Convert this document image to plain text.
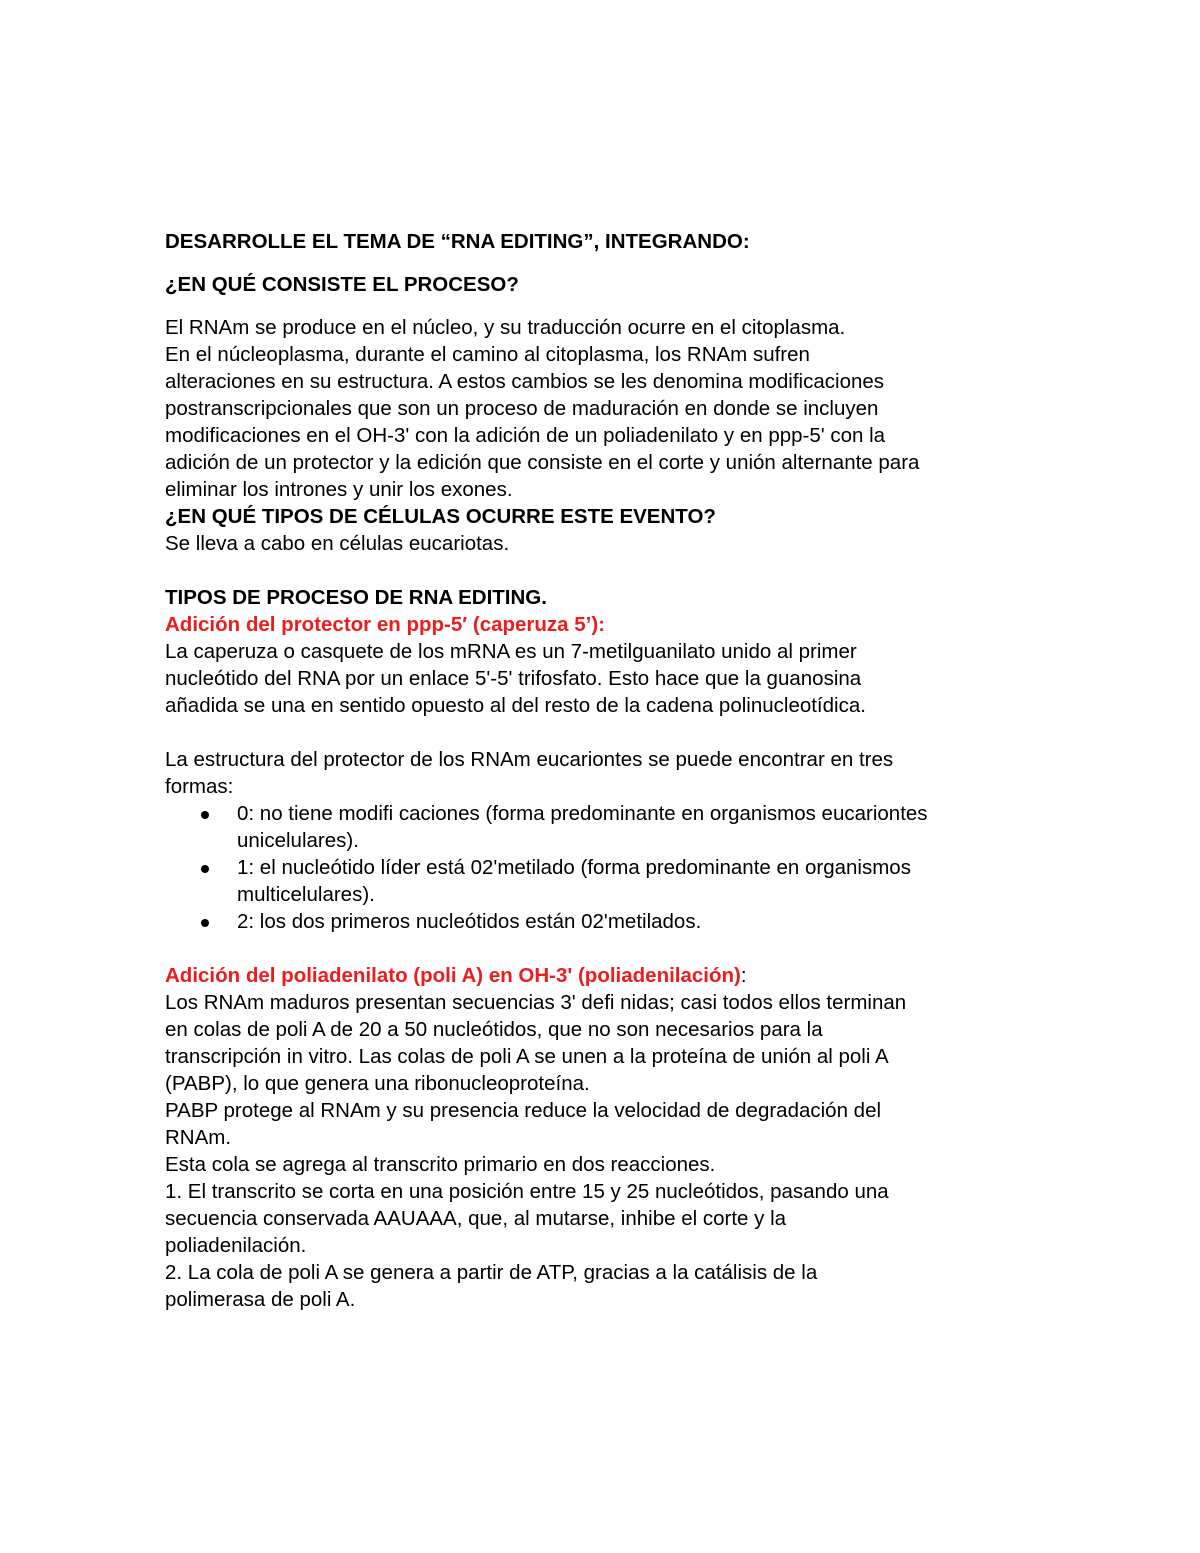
DESARROLLE EL TEMA DE “RNA EDITING”, INTEGRANDO:

¿EN QUÉ CONSISTE EL PROCESO?

El RNAm se produce en el núcleo, y su traducción ocurre en el citoplasma.

En el núcleoplasma, durante el camino al citoplasma, los RNAm sufren

alteraciones en su estructura. A estos cambios se les denomina modificaciones

postranscripcionales que son un proceso de maduración en donde se incluyen

modificaciones en el OH-3' con la adición de un poliadenilato y en ppp-5' con la

adición de un protector y la edición que consiste en el corte y unión alternante para

eliminar los intrones y unir los exones.

¿EN QUÉ TIPOS DE CÉLULAS OCURRE ESTE EVENTO?

Se lleva a cabo en células eucariotas.

TIPOS DE PROCESO DE RNA EDITING.

Adición del protector en ppp-5′ (caperuza 5’):

La caperuza o casquete de los mRNA es un 7-metilguanilato unido al primer

nucleótido del RNA por un enlace 5'-5' trifosfato. Esto hace que la guanosina

añadida se una en sentido opuesto al del resto de la cadena polinucleotídica.

La estructura del protector de los RNAm eucariontes se puede encontrar en tres

formas:

0: no tiene modifi caciones (forma predominante en organismos eucariontes

unicelulares).

1: el nucleótido líder está 02'metilado (forma predominante en organismos

multicelulares).

2: los dos primeros nucleótidos están 02'metilados.

Adición del poliadenilato (poli A) en OH-3' (poliadenilación):

Los RNAm maduros presentan secuencias 3' defi nidas; casi todos ellos terminan

en colas de poli A de 20 a 50 nucleótidos, que no son necesarios para la

transcripción in vitro. Las colas de poli A se unen a la proteína de unión al poli A

(PABP), lo que genera una ribonucleoproteína.

PABP protege al RNAm y su presencia reduce la velocidad de degradación del

RNAm.

Esta cola se agrega al transcrito primario en dos reacciones.

1. El transcrito se corta en una posición entre 15 y 25 nucleótidos, pasando una

secuencia conservada AAUAAA, que, al mutarse, inhibe el corte y la

poliadenilación.

2. La cola de poli A se genera a partir de ATP, gracias a la catálisis de la

polimerasa de poli A.
